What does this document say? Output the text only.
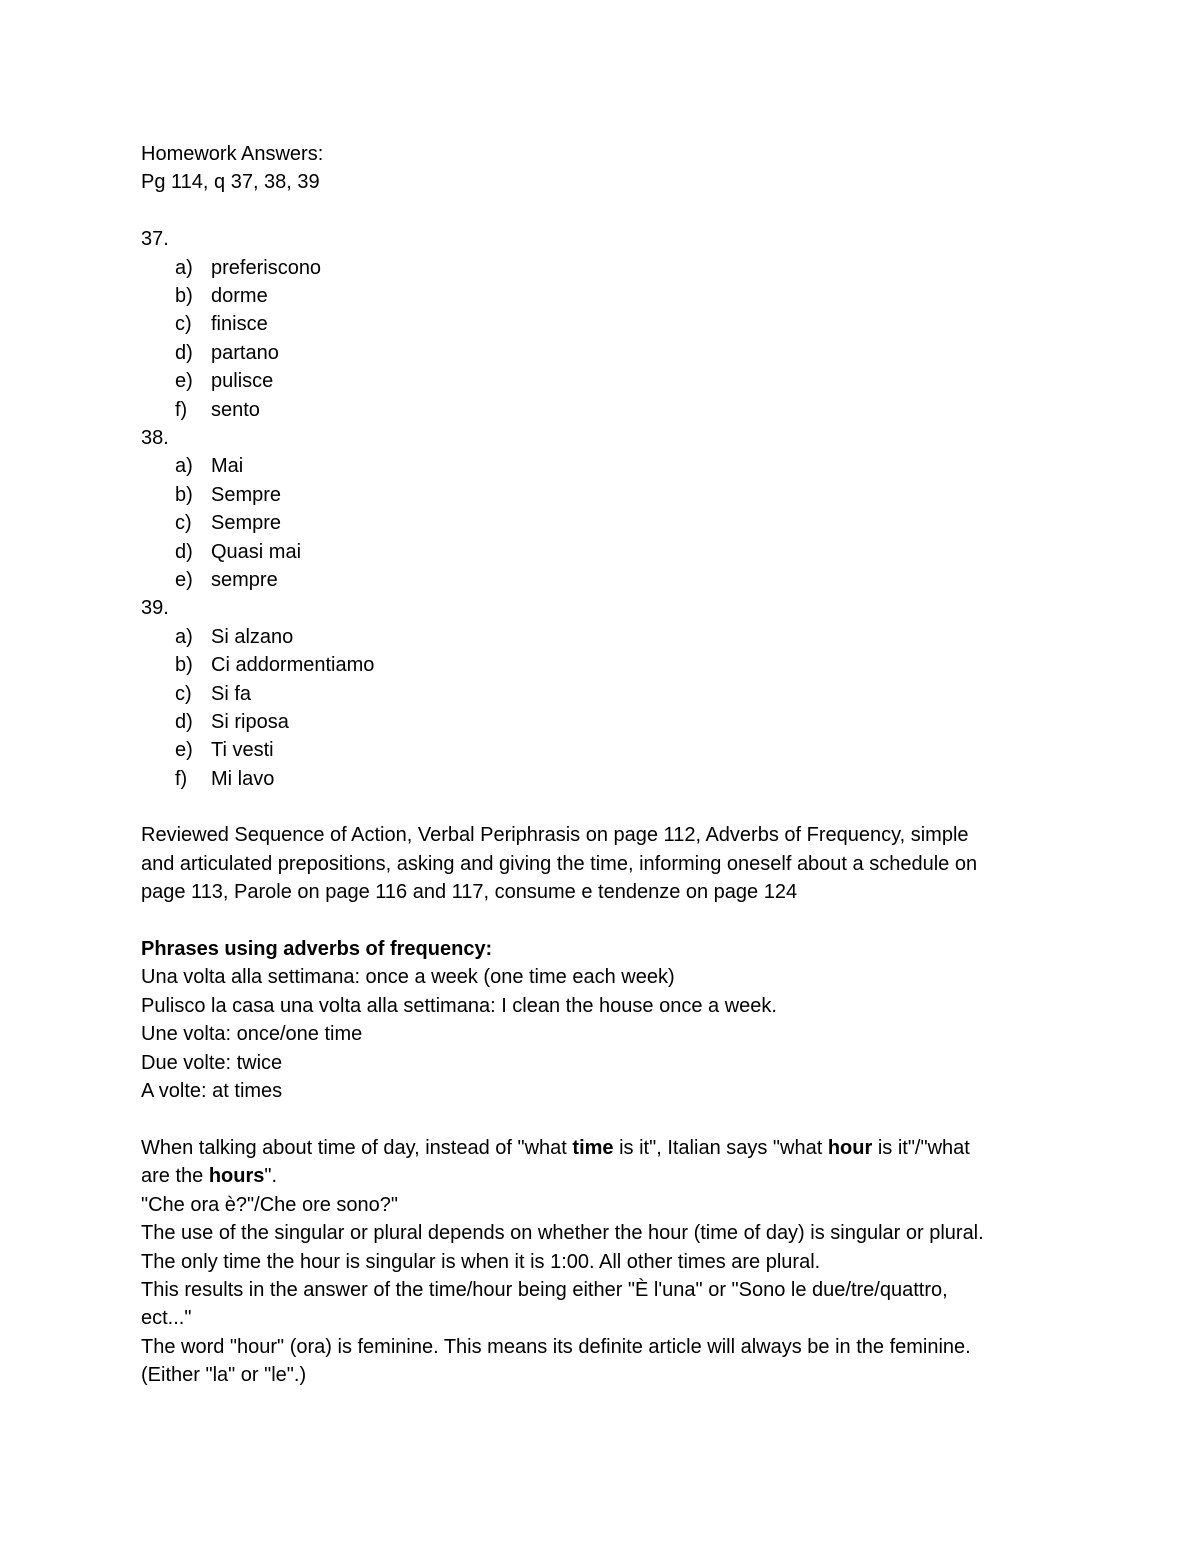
Homework Answers:
Pg 114, q 37, 38, 39
37.
a) preferiscono
b) dorme
c) finisce
d) partano
e) pulisce
f) sento
38.
a) Mai
b) Sempre
c) Sempre
d) Quasi mai
e) sempre
39.
a) Si alzano
b) Ci addormentiamo
c) Si fa
d) Si riposa
e) Ti vesti
f) Mi lavo
Reviewed Sequence of Action, Verbal Periphrasis on page 112, Adverbs of Frequency, simple
and articulated prepositions, asking and giving the time, informing oneself about a schedule on
page 113, Parole on page 116 and 117, consume e tendenze on page 124
Phrases using adverbs of frequency:
Una volta alla settimana: once a week (one time each week)
Pulisco la casa una volta alla settimana: I clean the house once a week.
Une volta: once/one time
Due volte: twice
A volte: at times
When talking about time of day, instead of "what time is it", Italian says "what hour is it"/"what
are the hours".
"Che ora è?"/Che ore sono?"
The use of the singular or plural depends on whether the hour (time of day) is singular or plural.
The only time the hour is singular is when it is 1:00. All other times are plural.
This results in the answer of the time/hour being either "È l'una" or "Sono le due/tre/quattro,
ect..."
The word "hour" (ora) is feminine. This means its definite article will always be in the feminine.
(Either "la" or "le".)
